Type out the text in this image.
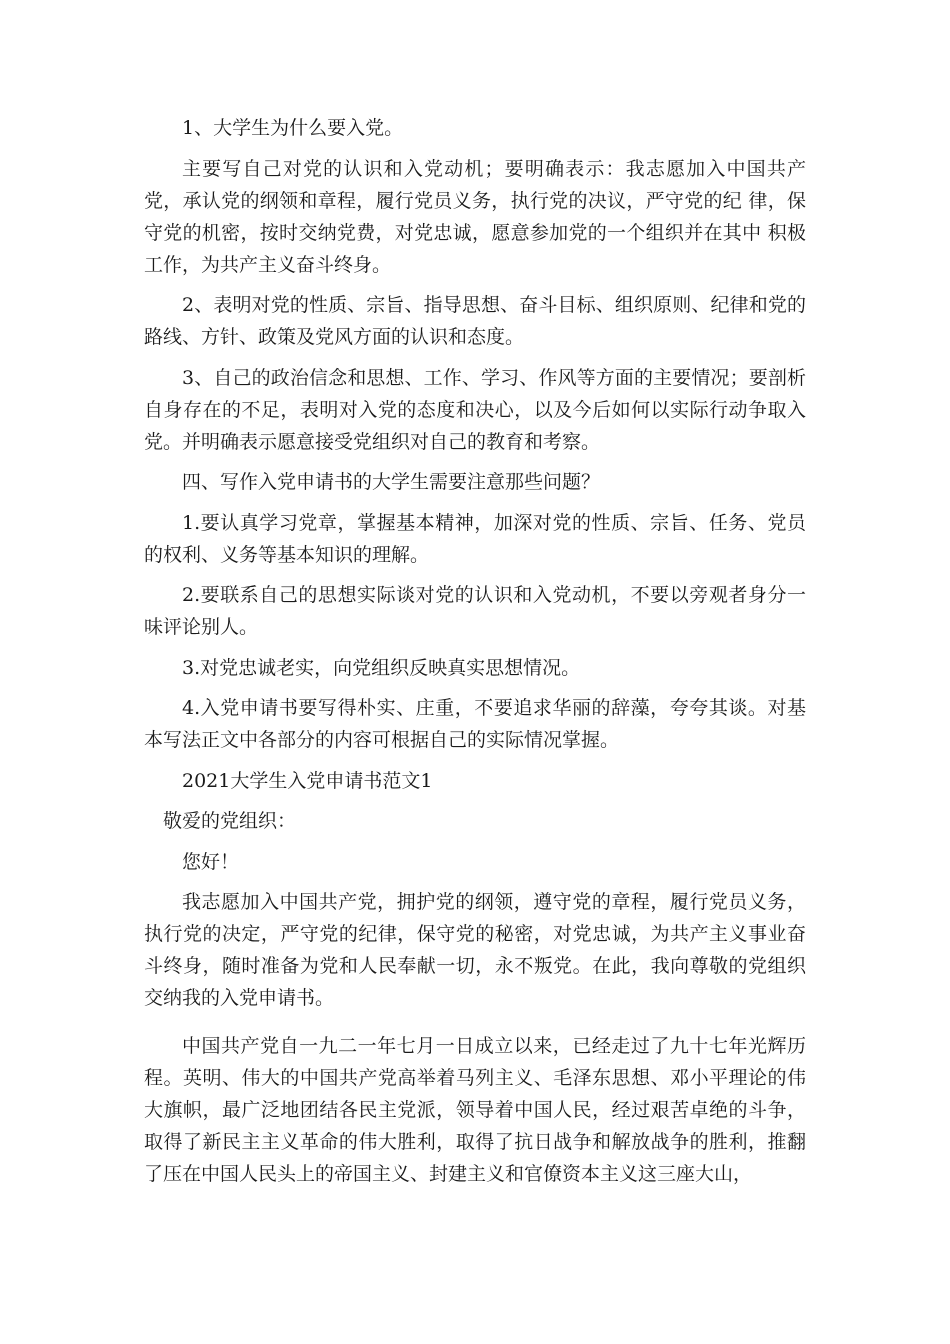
1、大学生为什么要入党。

主要写自己对党的认识和入党动机；要明确表示：我志愿加入中国共产党，承认党的纲领和章程，履行党员义务，执行党的决议，严守党的纪 律，保守党的机密，按时交纳党费，对党忠诚，愿意参加党的一个组织并在其中 积极工作，为共产主义奋斗终身。

2、表明对党的性质、宗旨、指导思想、奋斗目标、组织原则、纪律和党的路线、方针、政策及党风方面的认识和态度。

3、自己的政治信念和思想、工作、学习、作风等方面的主要情况；要剖析自身存在的不足，表明对入党的态度和决心，以及今后如何以实际行动争取入党。并明确表示愿意接受党组织对自己的教育和考察。

四、写作入党申请书的大学生需要注意那些问题？

1.要认真学习党章，掌握基本精神，加深对党的性质、宗旨、任务、党员的权利、义务等基本知识的理解。

2.要联系自己的思想实际谈对党的认识和入党动机，不要以旁观者身分一味评论别人。

3.对党忠诚老实，向党组织反映真实思想情况。

4.入党申请书要写得朴实、庄重，不要追求华丽的辞藻，夸夸其谈。对基本写法正文中各部分的内容可根据自己的实际情况掌握。

2021大学生入党申请书范文1

敬爱的党组织：

您好！

我志愿加入中国共产党，拥护党的纲领，遵守党的章程，履行党员义务，执行党的决定，严守党的纪律，保守党的秘密，对党忠诚，为共产主义事业奋斗终身，随时准备为党和人民奉献一切，永不叛党。在此，我向尊敬的党组织交纳我的入党申请书。

中国共产党自一九二一年七月一日成立以来，已经走过了九十七年光辉历程。英明、伟大的中国共产党高举着马列主义、毛泽东思想、邓小平理论的伟大旗帜，最广泛地团结各民主党派，领导着中国人民，经过艰苦卓绝的斗争，取得了新民主主义革命的伟大胜利，取得了抗日战争和解放战争的胜利，推翻了压在中国人民头上的帝国主义、封建主义和官僚资本主义这三座大山，
